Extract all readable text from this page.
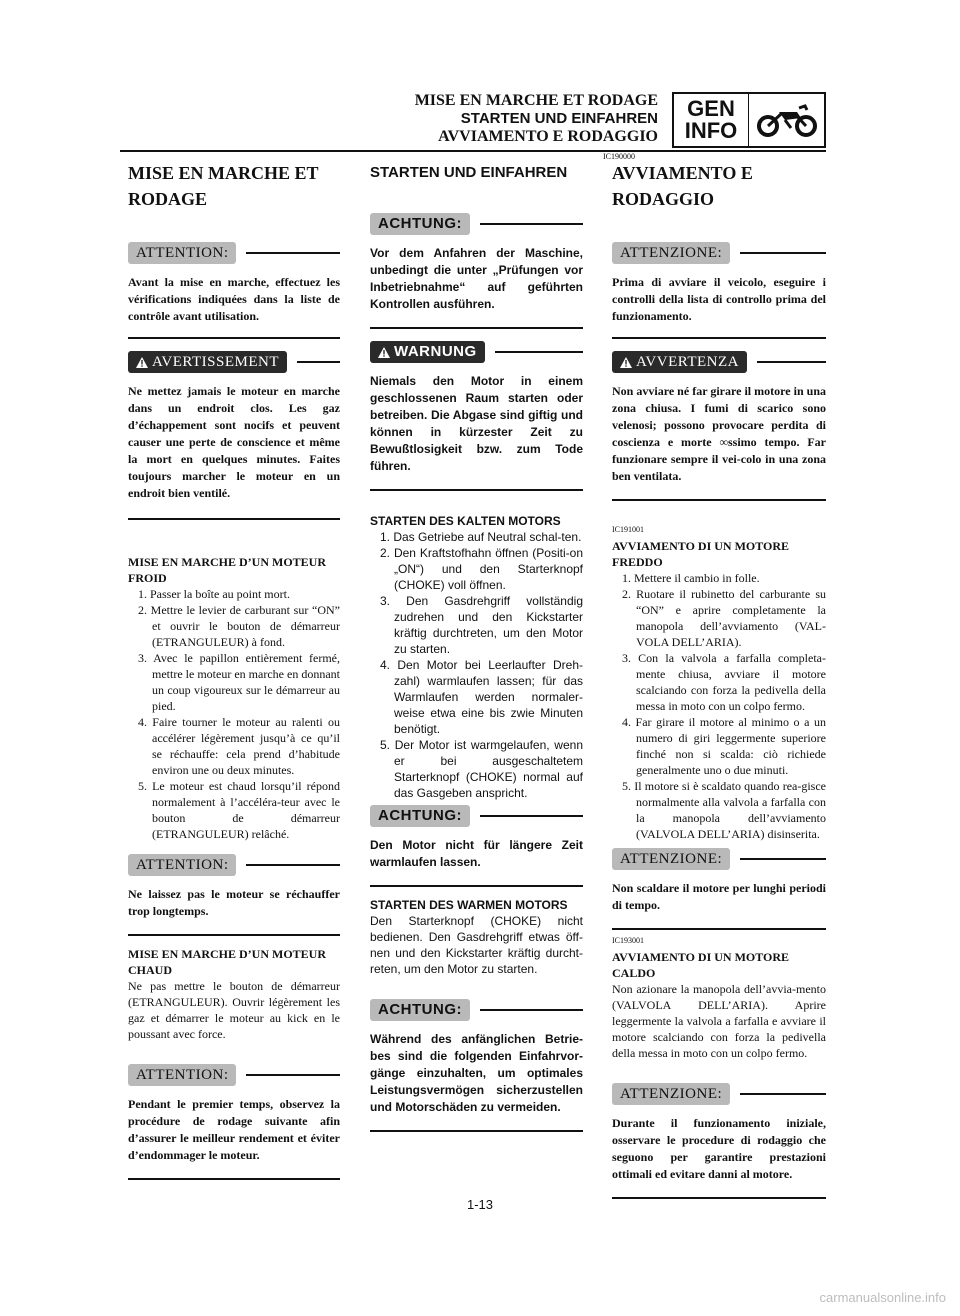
MISE EN MARCHE ET RODAGE
STARTEN UND EINFAHREN
AVVIAMENTO E RODAGGIO
GEN
INFO
IC190000
MISE EN MARCHE ET RODAGE
ATTENTION:
Avant la mise en marche, effectuez les vérifications indiquées dans la liste de contrôle avant utilisation.
AVERTISSEMENT
Ne mettez jamais le moteur en marche dans un endroit clos. Les gaz d’échappement sont nocifs et peuvent causer une perte de conscience et même la mort en quelques minutes. Faites toujours marcher le moteur en un endroit bien ventilé.
MISE EN MARCHE D’UN MOTEUR FROID
1. Passer la boîte au point mort.
2. Mettre le levier de carburant sur “ON” et ouvrir le bouton de démarreur (ETRANGULEUR) à fond.
3. Avec le papillon entièrement fermé, mettre le moteur en marche en donnant un coup vigoureux sur le démarreur au pied.
4. Faire tourner le moteur au ralenti ou accélérer légèrement jusqu’à ce qu’il se réchauffe: cela prend d’habitude environ une ou deux minutes.
5. Le moteur est chaud lorsqu’il répond normalement à l’accéléra-teur avec le bouton de démarreur (ETRANGULEUR) relâché.
ATTENTION:
Ne laissez pas le moteur se réchauffer trop longtemps.
MISE EN MARCHE D’UN MOTEUR CHAUD
Ne pas mettre le bouton de démarreur (ETRANGULEUR). Ouvrir légèrement les gaz et démarrer le moteur au kick en le poussant avec force.
ATTENTION:
Pendant le premier temps, observez la procédure de rodage suivante afin d’assurer le meilleur rendement et éviter d’endommager le moteur.
STARTEN UND EINFAHREN
ACHTUNG:
Vor dem Anfahren der Maschine, unbedingt die unter „Prüfungen vor Inbetriebnahme“ auf geführten Kontrollen ausführen.
WARNUNG
Niemals den Motor in einem geschlossenen Raum starten oder betreiben. Die Abgase sind giftig und können in kürzester Zeit zu Bewußtlosigkeit bzw. zum Tode führen.
STARTEN DES KALTEN MOTORS
1. Das Getriebe auf Neutral schal-ten.
2. Den Kraftstofhahn öffnen (Positi-on „ON“) und den Starterknopf (CHOKE) voll öffnen.
3. Den Gasdrehgriff vollständig zudrehen und den Kickstarter kräftig durchtreten, um den Motor zu starten.
4. Den Motor bei Leerlaufter Dreh-zahl) warmlaufen lassen; für das Warmlaufen werden normaler-weise etwa eine bis zwie Minuten benötigt.
5. Der Motor ist warmgelaufen, wenn er bei ausgeschaltetem Starterknopf (CHOKE) normal auf das Gasgeben anspricht.
ACHTUNG:
Den Motor nicht für längere Zeit warmlaufen lassen.
STARTEN DES WARMEN MOTORS
Den Starterknopf (CHOKE) nicht bedienen. Den Gasdrehgriff etwas öff-nen und den Kickstarter kräftig durcht-reten, um den Motor zu starten.
ACHTUNG:
Während des anfänglichen Betrie-bes sind die folgenden Einfahrvor-gänge einzuhalten, um optimales Leistungsvermögen sicherzustellen und Motorschäden zu vermeiden.
AVVIAMENTO E RODAGGIO
ATTENZIONE:
Prima di avviare il veicolo, eseguire i controlli della lista di controllo prima del funzionamento.
AVVERTENZA
Non avviare né far girare il motore in una zona chiusa. I fumi di scarico sono velenosi; possono provocare perdita di coscienza e morte ∞ssimo tempo. Far funzionare sempre il vei-colo in una zona ben ventilata.
IC191001
AVVIAMENTO DI UN MOTORE FREDDO
1. Mettere il cambio in folle.
2. Ruotare il rubinetto del carburante su “ON” e aprire completamente la manopola dell’avviamento (VAL-VOLA DELL’ARIA).
3. Con la valvola a farfalla completa-mente chiusa, avviare il motore scalciando con forza la pedivella della messa in moto con un colpo fermo.
4. Far girare il motore al minimo o a un numero di giri leggermente superiore finché non si scalda: ciò richiede generalmente uno o due minuti.
5. Il motore si è scaldato quando rea-gisce normalmente alla valvola a farfalla con la manopola dell’avviamento (VALVOLA DELL’ARIA) disinserita.
ATTENZIONE:
Non scaldare il motore per lunghi periodi di tempo.
IC193001
AVVIAMENTO DI UN MOTORE CALDO
Non azionare la manopola dell’avvia-mento (VALVOLA DELL’ARIA). Aprire leggermente la valvola a farfalla e avviare il motore scalciando con forza la pedivella della messa in moto con un colpo fermo.
ATTENZIONE:
Durante il funzionamento iniziale, osservare le procedure di rodaggio che seguono per garantire prestazioni ottimali ed evitare danni al motore.
1-13
carmanualsonline.info
